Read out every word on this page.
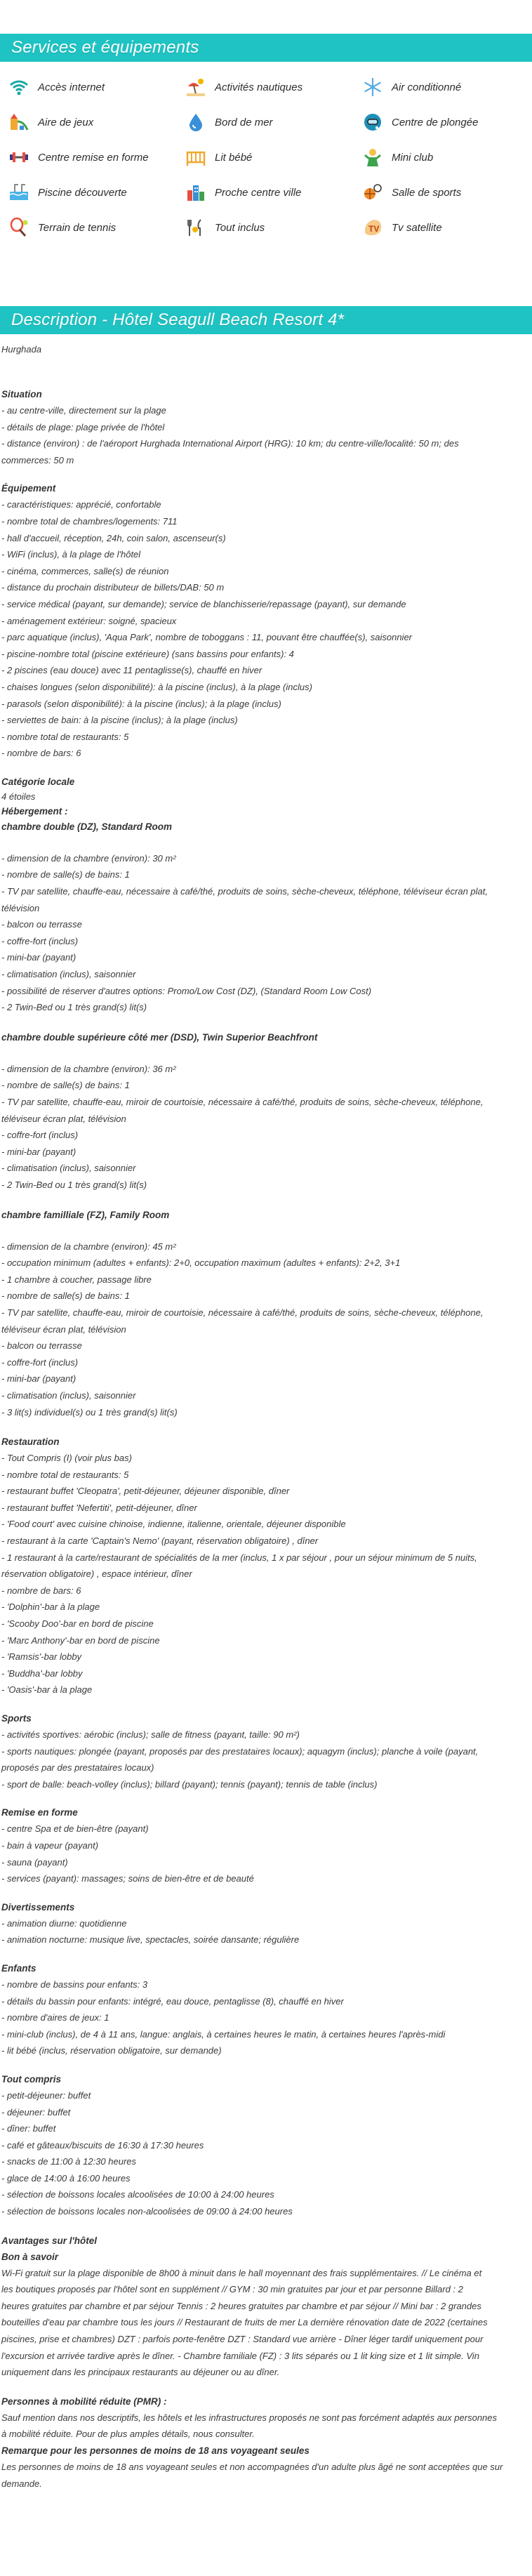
Services et équipements
Accès internet	Activités nautiques	Air conditionné
Aire de jeux	Bord de mer	Centre de plongée
Centre remise en forme	Lit bébé	Mini club
Piscine découverte	Proche centre ville	Salle de sports
Terrain de tennis	Tout inclus	TV Tv satellite
Description - Hôtel Seagull Beach Resort 4*
Hurghada
Situation
- au centre-ville, directement sur la plage
- détails de plage: plage privée de l'hôtel
- distance (environ) : de l'aéroport Hurghada International Airport (HRG): 10 km; du centre-ville/localité: 50 m; des
commerces: 50 m
Équipement
- caractéristiques: apprécié, confortable
- nombre total de chambres/logements: 711
- hall d'accueil, réception, 24h, coin salon, ascenseur(s)
- WiFi (inclus), à la plage de l'hôtel
- cinéma, commerces, salle(s) de réunion
- distance du prochain distributeur de billets/DAB: 50 m
- service médical (payant, sur demande); service de blanchisserie/repassage (payant), sur demande
- aménagement extérieur: soigné, spacieux
- parc aquatique (inclus), 'Aqua Park', nombre de toboggans : 11, pouvant être chauffée(s), saisonnier
- piscine-nombre total (piscine extérieure) (sans bassins pour enfants): 4
- 2 piscines (eau douce) avec 11 pentaglisse(s), chauffé en hiver
- chaises longues (selon disponibilité): à la piscine (inclus), à la plage (inclus)
- parasols (selon disponibilité): à la piscine (inclus); à la plage (inclus)
- serviettes de bain: à la piscine (inclus); à la plage (inclus)
- nombre total de restaurants: 5
- nombre de bars: 6
Catégorie locale
4 étoiles
Hébergement :
chambre double (DZ), Standard Room
- dimension de la chambre (environ): 30 m²
- nombre de salle(s) de bains: 1
- TV par satellite, chauffe-eau, nécessaire à café/thé, produits de soins, sèche-cheveux, téléphone, téléviseur écran plat,
télévision
- balcon ou terrasse
- coffre-fort (inclus)
- mini-bar (payant)
- climatisation (inclus), saisonnier
- possibilité de réserver d'autres options: Promo/Low Cost (DZ), (Standard Room Low Cost)
- 2 Twin-Bed ou 1 très grand(s) lit(s)
chambre double supérieure côté mer (DSD), Twin Superior Beachfront
- dimension de la chambre (environ): 36 m²
- nombre de salle(s) de bains: 1
- TV par satellite, chauffe-eau, miroir de courtoisie, nécessaire à café/thé, produits de soins, sèche-cheveux, téléphone,
téléviseur écran plat, télévision
- coffre-fort (inclus)
- mini-bar (payant)
- climatisation (inclus), saisonnier
- 2 Twin-Bed ou 1 très grand(s) lit(s)
chambre familliale (FZ), Family Room
- dimension de la chambre (environ): 45 m²
- occupation minimum (adultes + enfants): 2+0, occupation maximum (adultes + enfants): 2+2, 3+1
- 1 chambre à coucher, passage libre
- nombre de salle(s) de bains: 1
- TV par satellite, chauffe-eau, miroir de courtoisie, nécessaire à café/thé, produits de soins, sèche-cheveux, téléphone,
téléviseur écran plat, télévision
- balcon ou terrasse
- coffre-fort (inclus)
- mini-bar (payant)
- climatisation (inclus), saisonnier
- 3 lit(s) individuel(s) ou 1 très grand(s) lit(s)
Restauration
- Tout Compris (I) (voir plus bas)
- nombre total de restaurants: 5
- restaurant buffet 'Cleopatra', petit-déjeuner, déjeuner disponible, dîner
- restaurant buffet 'Nefertiti', petit-déjeuner, dîner
- 'Food court' avec cuisine chinoise, indienne, italienne, orientale, déjeuner disponible
- restaurant à la carte 'Captain's Nemo' (payant, réservation obligatoire) , dîner
- 1 restaurant à la carte/restaurant de spécialités de la mer (inclus, 1 x par séjour , pour un séjour minimum de 5 nuits,
réservation obligatoire) , espace intérieur, dîner
- nombre de bars: 6
- 'Dolphin'-bar à la plage
- 'Scooby Doo'-bar en bord de piscine
- 'Marc Anthony'-bar en bord de piscine
- 'Ramsis'-bar lobby
- 'Buddha'-bar lobby
- 'Oasis'-bar à la plage
Sports
- activités sportives: aérobic (inclus); salle de fitness (payant, taille: 90 m²)
- sports nautiques: plongée (payant, proposés par des prestataires locaux); aquagym (inclus); planche à voile (payant,
proposés par des prestataires locaux)
- sport de balle: beach-volley (inclus); billard (payant); tennis (payant); tennis de table (inclus)
Remise en forme
- centre Spa et de bien-être (payant)
- bain à vapeur (payant)
- sauna (payant)
- services (payant): massages; soins de bien-être et de beauté
Divertissements
- animation diurne: quotidienne
- animation nocturne: musique live, spectacles, soirée dansante; régulière
Enfants
- nombre de bassins pour enfants: 3
- détails du bassin pour enfants: intégré, eau douce, pentaglisse (8), chauffé en hiver
- nombre d'aires de jeux: 1
- mini-club (inclus), de 4 à 11 ans, langue: anglais, à certaines heures le matin, à certaines heures l'après-midi
- lit bébé (inclus, réservation obligatoire, sur demande)
Tout compris
- petit-déjeuner: buffet
- déjeuner: buffet
- dîner: buffet
- café et gâteaux/biscuits de 16:30 à 17:30 heures
- snacks de 11:00 à 12:30 heures
- glace de 14:00 à 16:00 heures
- sélection de boissons locales alcoolisées de 10:00 à 24:00 heures
- sélection de boissons locales non-alcoolisées de 09:00 à 24:00 heures
Avantages sur l'hôtel
Bon à savoir
Wi-Fi gratuit sur la plage disponible de 8h00 à minuit dans le hall moyennant des frais supplémentaires. // Le cinéma et
les boutiques proposés par l'hôtel sont en supplément // GYM : 30 min gratuites par jour et par personne Billard : 2
heures gratuites par chambre et par séjour Tennis : 2 heures gratuites par chambre et par séjour // Mini bar : 2 grandes
bouteilles d'eau par chambre tous les jours // Restaurant de fruits de mer La dernière rénovation date de 2022 (certaines
piscines, prise et chambres) DZT : parfois porte-fenêtre DZT : Standard vue arrière - Dîner léger tardif uniquement pour
l'excursion et arrivée tardive après le dîner. - Chambre familiale (FZ) : 3 lits séparés ou 1 lit king size et 1 lit simple. Vin
uniquement dans les principaux restaurants au déjeuner ou au dîner.
Personnes à mobilité réduite (PMR) :
Sauf mention dans nos descriptifs, les hôtels et les infrastructures proposés ne sont pas forcément adaptés aux personnes
à mobilité réduite. Pour de plus amples détails, nous consulter.
Remarque pour les personnes de moins de 18 ans voyageant seules
Les personnes de moins de 18 ans voyageant seules et non accompagnées d'un adulte plus âgé ne sont acceptées que sur
demande.
